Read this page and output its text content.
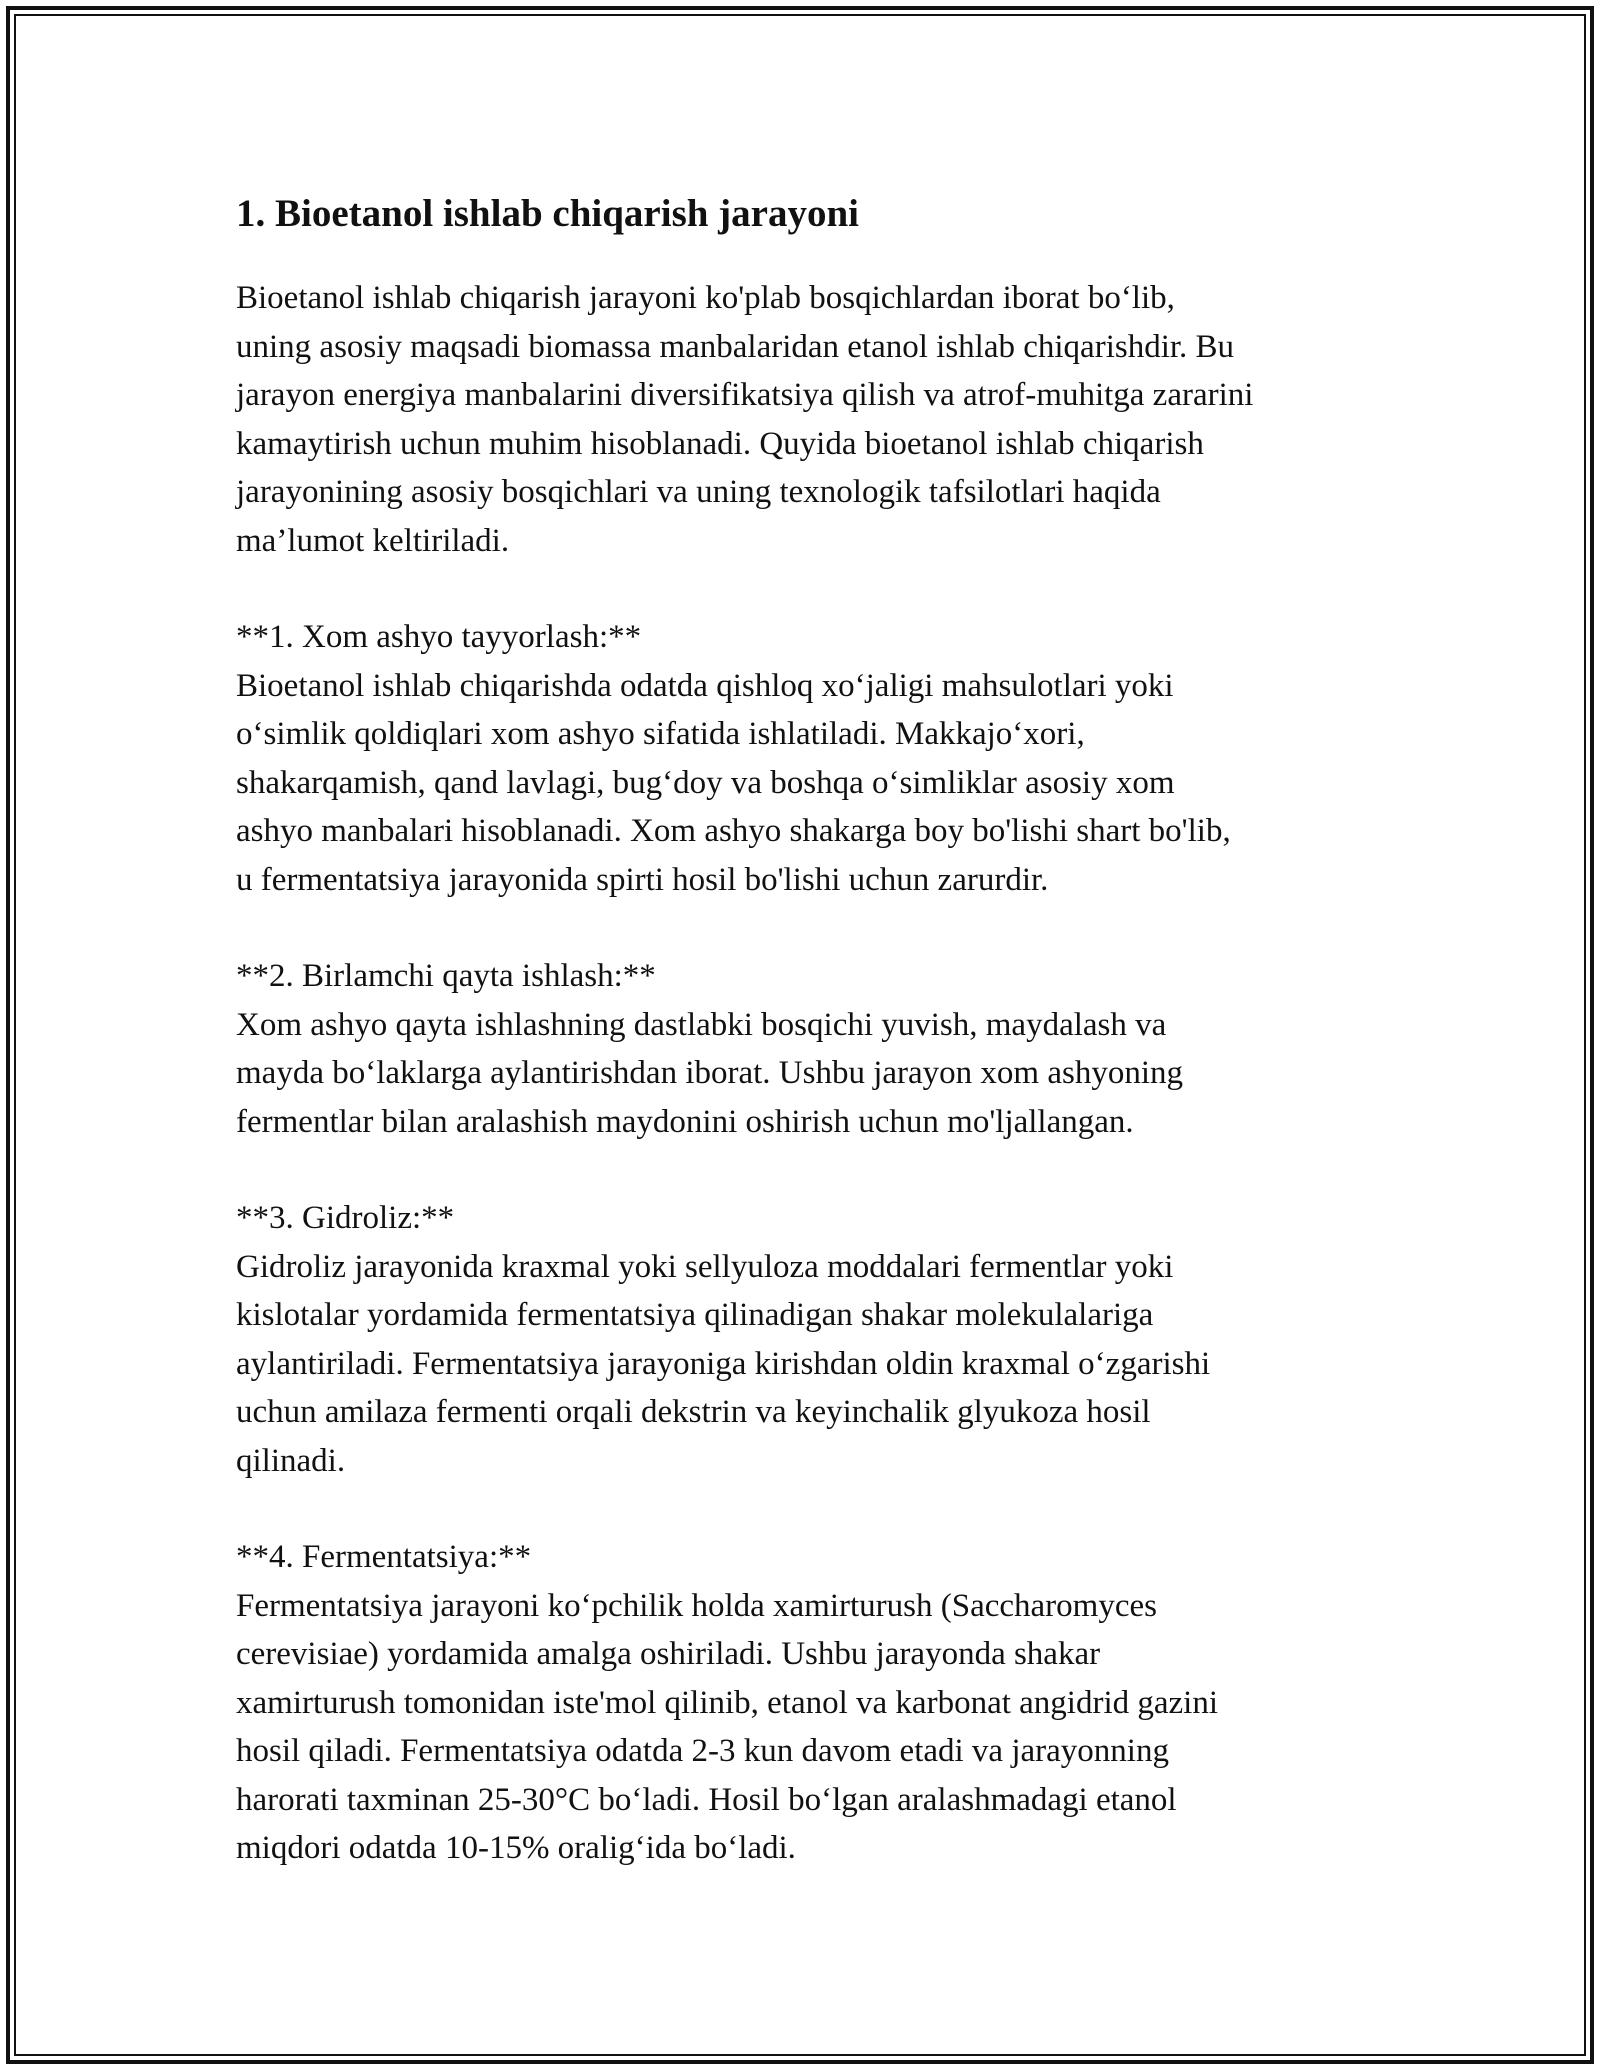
1. Bioetanol ishlab chiqarish jarayoni

Bioetanol ishlab chiqarish jarayoni ko'plab bosqichlardan iborat bo‘lib,
uning asosiy maqsadi biomassa manbalaridan etanol ishlab chiqarishdir. Bu
jarayon energiya manbalarini diversifikatsiya qilish va atrof-muhitga zararini
kamaytirish uchun muhim hisoblanadi. Quyida bioetanol ishlab chiqarish
jarayonining asosiy bosqichlari va uning texnologik tafsilotlari haqida
ma’lumot keltiriladi.

**1. Xom ashyo tayyorlash:**
Bioetanol ishlab chiqarishda odatda qishloq xo‘jaligi mahsulotlari yoki
o‘simlik qoldiqlari xom ashyo sifatida ishlatiladi. Makkajo‘xori,
shakarqamish, qand lavlagi, bug‘doy va boshqa o‘simliklar asosiy xom
ashyo manbalari hisoblanadi. Xom ashyo shakarga boy bo'lishi shart bo'lib,
u fermentatsiya jarayonida spirti hosil bo'lishi uchun zarurdir.
**2. Birlamchi qayta ishlash:**
Xom ashyo qayta ishlashning dastlabki bosqichi yuvish, maydalash va
mayda bo‘laklarga aylantirishdan iborat. Ushbu jarayon xom ashyoning
fermentlar bilan aralashish maydonini oshirish uchun mo'ljallangan.
**3. Gidroliz:**
Gidroliz jarayonida kraxmal yoki sellyuloza moddalari fermentlar yoki
kislotalar yordamida fermentatsiya qilinadigan shakar molekulalariga
aylantiriladi. Fermentatsiya jarayoniga kirishdan oldin kraxmal o‘zgarishi
uchun amilaza fermenti orqali dekstrin va keyinchalik glyukoza hosil
qilinadi.
**4. Fermentatsiya:**
Fermentatsiya jarayoni ko‘pchilik holda xamirturush (Saccharomyces
cerevisiae) yordamida amalga oshiriladi. Ushbu jarayonda shakar
xamirturush tomonidan iste'mol qilinib, etanol va karbonat angidrid gazini
hosil qiladi. Fermentatsiya odatda 2-3 kun davom etadi va jarayonning
harorati taxminan 25-30°C bo‘ladi. Hosil bo‘lgan aralashmadagi etanol
miqdori odatda 10-15% oralig‘ida bo‘ladi.
